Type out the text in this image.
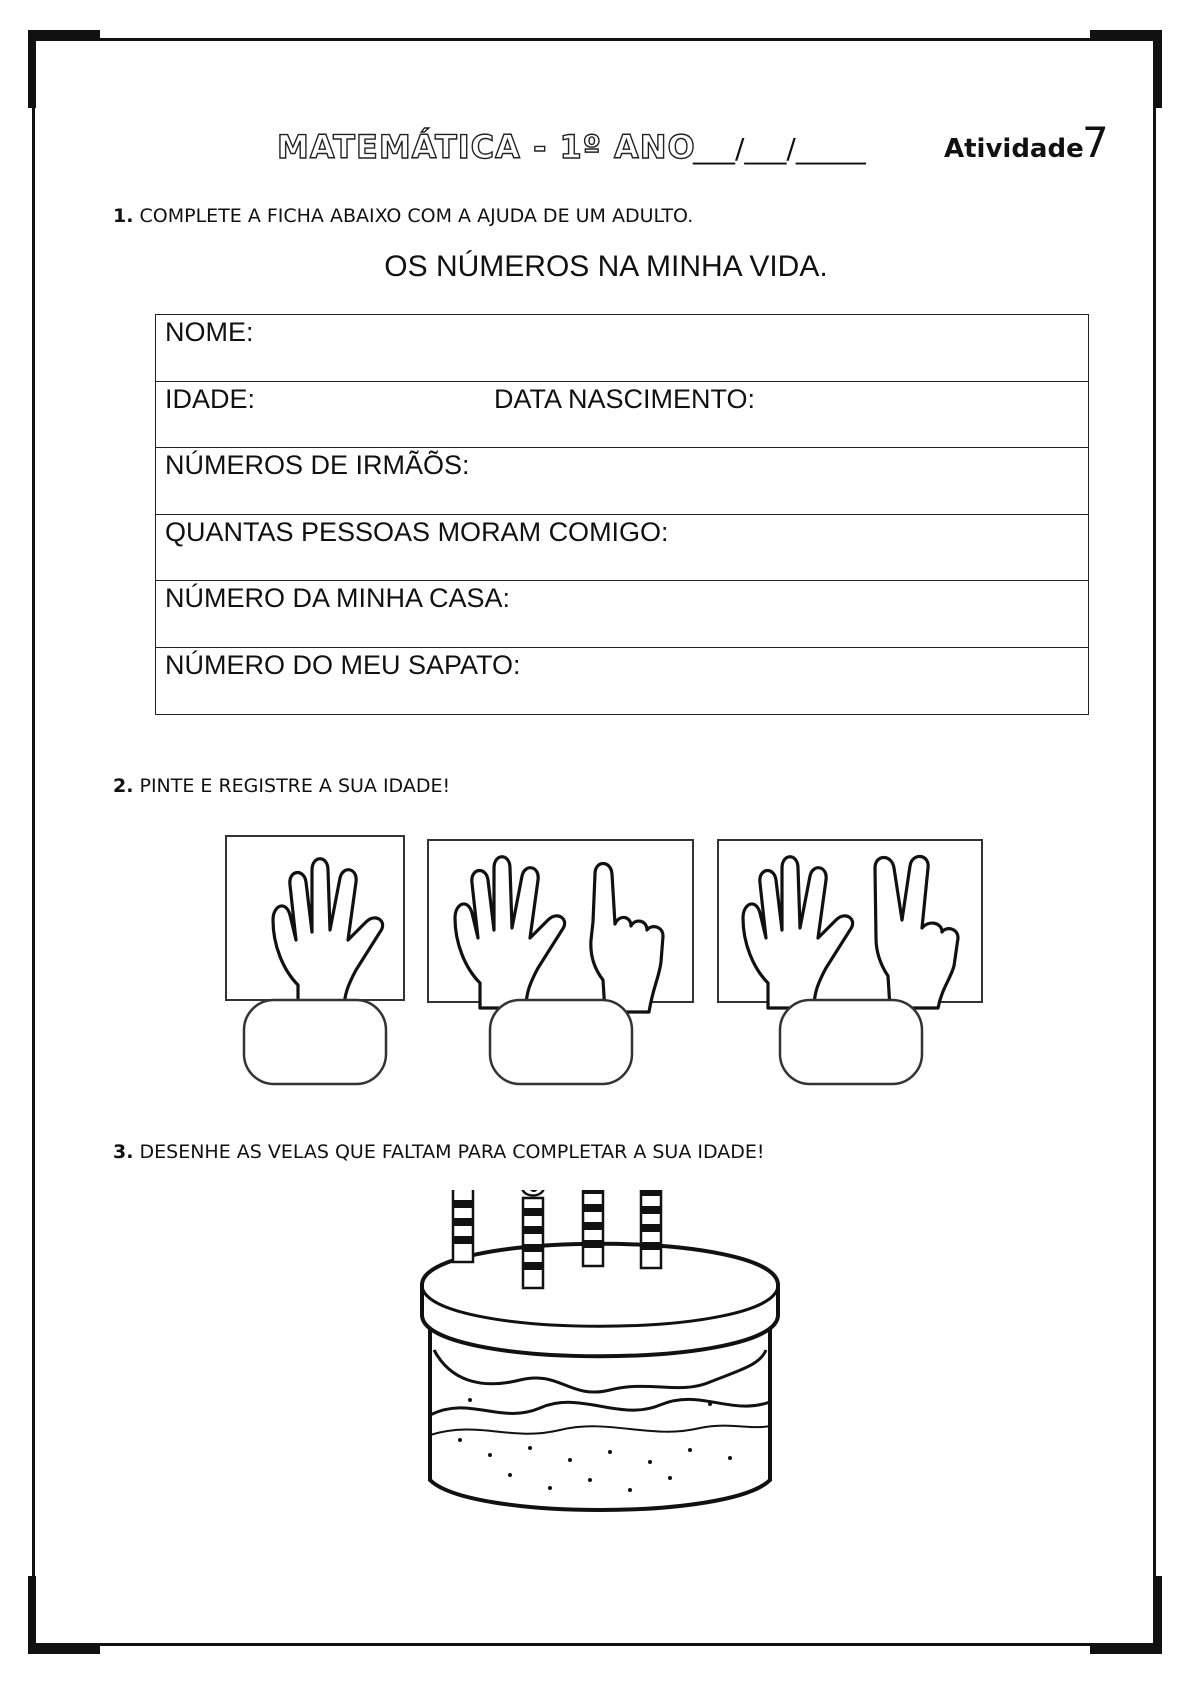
MATEMÁTICA - 1º ANO
___/___/_____	Atividade
7
1. COMPLETE A FICHA ABAIXO COM A AJUDA DE UM ADULTO.
OS NÚMEROS NA MINHA VIDA.
NOME:
IDADE:	DATA NASCIMENTO:
NÚMEROS DE IRMÃÕS:
QUANTAS PESSOAS MORAM COMIGO:
NÚMERO DA MINHA CASA:
NÚMERO DO MEU SAPATO:
2. PINTE E REGISTRE A SUA IDADE!
3. DESENHE AS VELAS QUE FALTAM PARA COMPLETAR A SUA IDADE!
